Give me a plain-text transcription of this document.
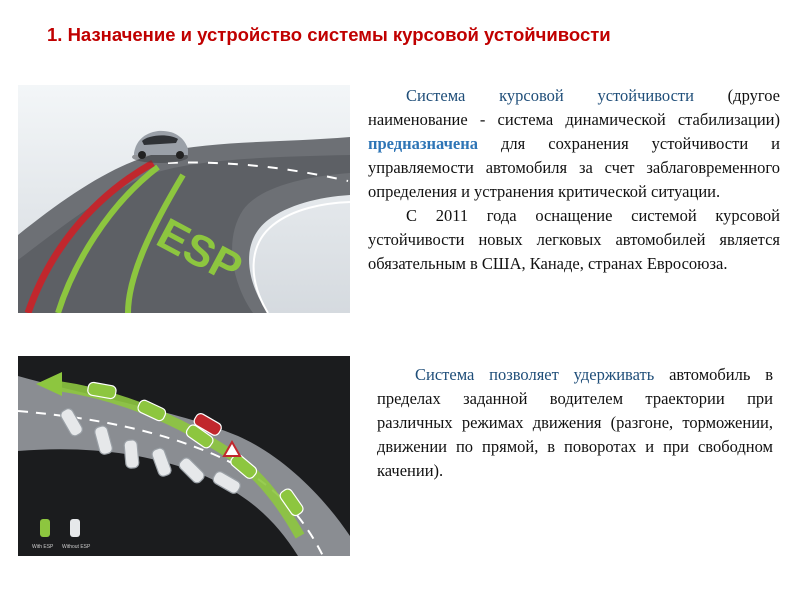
1. Назначение и устройство системы курсовой устойчивости
ESP

Система курсовой устойчивости (другое наименование - система динамической стабилизации) предназначена для сохранения устойчивости и управляемости автомобиля за счет заблаговременного определения и устранения критической ситуации.

С 2011 года оснащение системой курсовой устойчивости новых легковых автомобилей является обязательным в США, Канаде, странах Евросоюза.

With ESP Without ESP

Система позволяет удерживать автомобиль в пределах заданной водителем траектории при различных режимах движения (разгоне, торможении, движении по прямой, в поворотах и при свободном качении).
